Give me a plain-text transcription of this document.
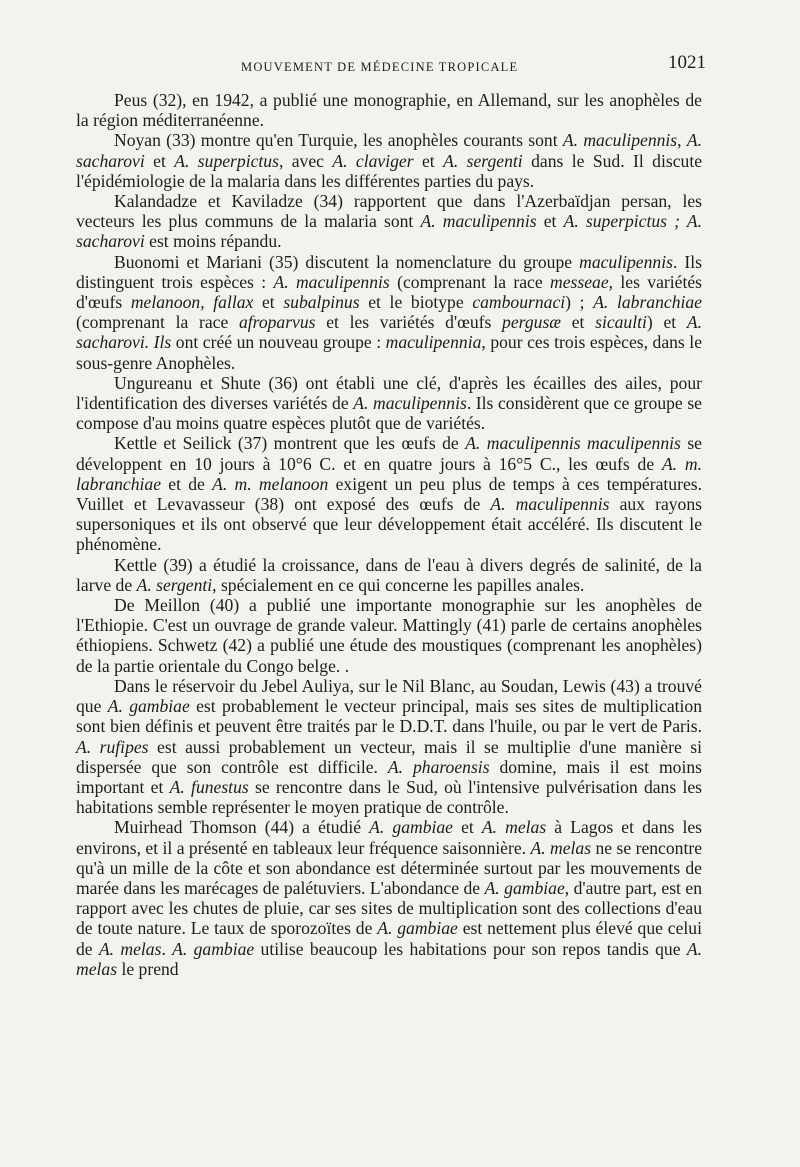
MOUVEMENT DE MÉDECINE TROPICALE	1021

Peus (32), en 1942, a publié une monographie, en Allemand, sur les anophèles de la région méditerranéenne.

Noyan (33) montre qu'en Turquie, les anophèles courants sont A. maculipennis, A. sacharovi et A. superpictus, avec A. claviger et A. sergenti dans le Sud. Il discute l'épidémiologie de la malaria dans les différentes parties du pays.

Kalandadze et Kaviladze (34) rapportent que dans l'Azerbaïdjan persan, les vecteurs les plus communs de la malaria sont A. maculipennis et A. superpictus ; A. sacharovi est moins répandu.

Buonomi et Mariani (35) discutent la nomenclature du groupe maculipennis. Ils distinguent trois espèces : A. maculipennis (comprenant la race messeae, les variétés d'œufs melanoon, fallax et subalpinus et le biotype cambournaci) ; A. labranchiae (comprenant la race afroparvus et les variétés d'œufs pergusæ et sicaulti) et A. sacharovi. Ils ont créé un nouveau groupe : maculipennia, pour ces trois espèces, dans le sous-genre Anophèles.

Ungureanu et Shute (36) ont établi une clé, d'après les écailles des ailes, pour l'identification des diverses variétés de A. maculipennis. Ils considèrent que ce groupe se compose d'au moins quatre espèces plutôt que de variétés.

Kettle et Seilick (37) montrent que les œufs de A. maculipennis maculipennis se développent en 10 jours à 10°6 C. et en quatre jours à 16°5 C., les œufs de A. m. labranchiae et de A. m. melanoon exigent un peu plus de temps à ces températures. Vuillet et Levavasseur (38) ont exposé des œufs de A. maculipennis aux rayons supersoniques et ils ont observé que leur développement était accéléré. Ils discutent le phénomène.

Kettle (39) a étudié la croissance, dans de l'eau à divers degrés de salinité, de la larve de A. sergenti, spécialement en ce qui concerne les papilles anales.

De Meillon (40) a publié une importante monographie sur les anophèles de l'Ethiopie. C'est un ouvrage de grande valeur. Mattingly (41) parle de certains anophèles éthiopiens. Schwetz (42) a publié une étude des moustiques (comprenant les anophèles) de la partie orientale du Congo belge. .

Dans le réservoir du Jebel Auliya, sur le Nil Blanc, au Soudan, Lewis (43) a trouvé que A. gambiae est probablement le vecteur principal, mais ses sites de multiplication sont bien définis et peuvent être traités par le D.D.T. dans l'huile, ou par le vert de Paris. A. rufipes est aussi probablement un vecteur, mais il se multiplie d'une manière si dispersée que son contrôle est difficile. A. pharoensis domine, mais il est moins important et A. funestus se rencontre dans le Sud, où l'intensive pulvérisation dans les habitations semble représenter le moyen pratique de contrôle.

Muirhead Thomson (44) a étudié A. gambiae et A. melas à Lagos et dans les environs, et il a présenté en tableaux leur fréquence saisonnière. A. melas ne se rencontre qu'à un mille de la côte et son abondance est déterminée surtout par les mouvements de marée dans les marécages de palétuviers. L'abondance de A. gambiae, d'autre part, est en rapport avec les chutes de pluie, car ses sites de multiplication sont des collections d'eau de toute nature. Le taux de sporozoïtes de A. gambiae est nettement plus élevé que celui de A. melas. A. gambiae utilise beaucoup les habitations pour son repos tandis que A. melas le prend
